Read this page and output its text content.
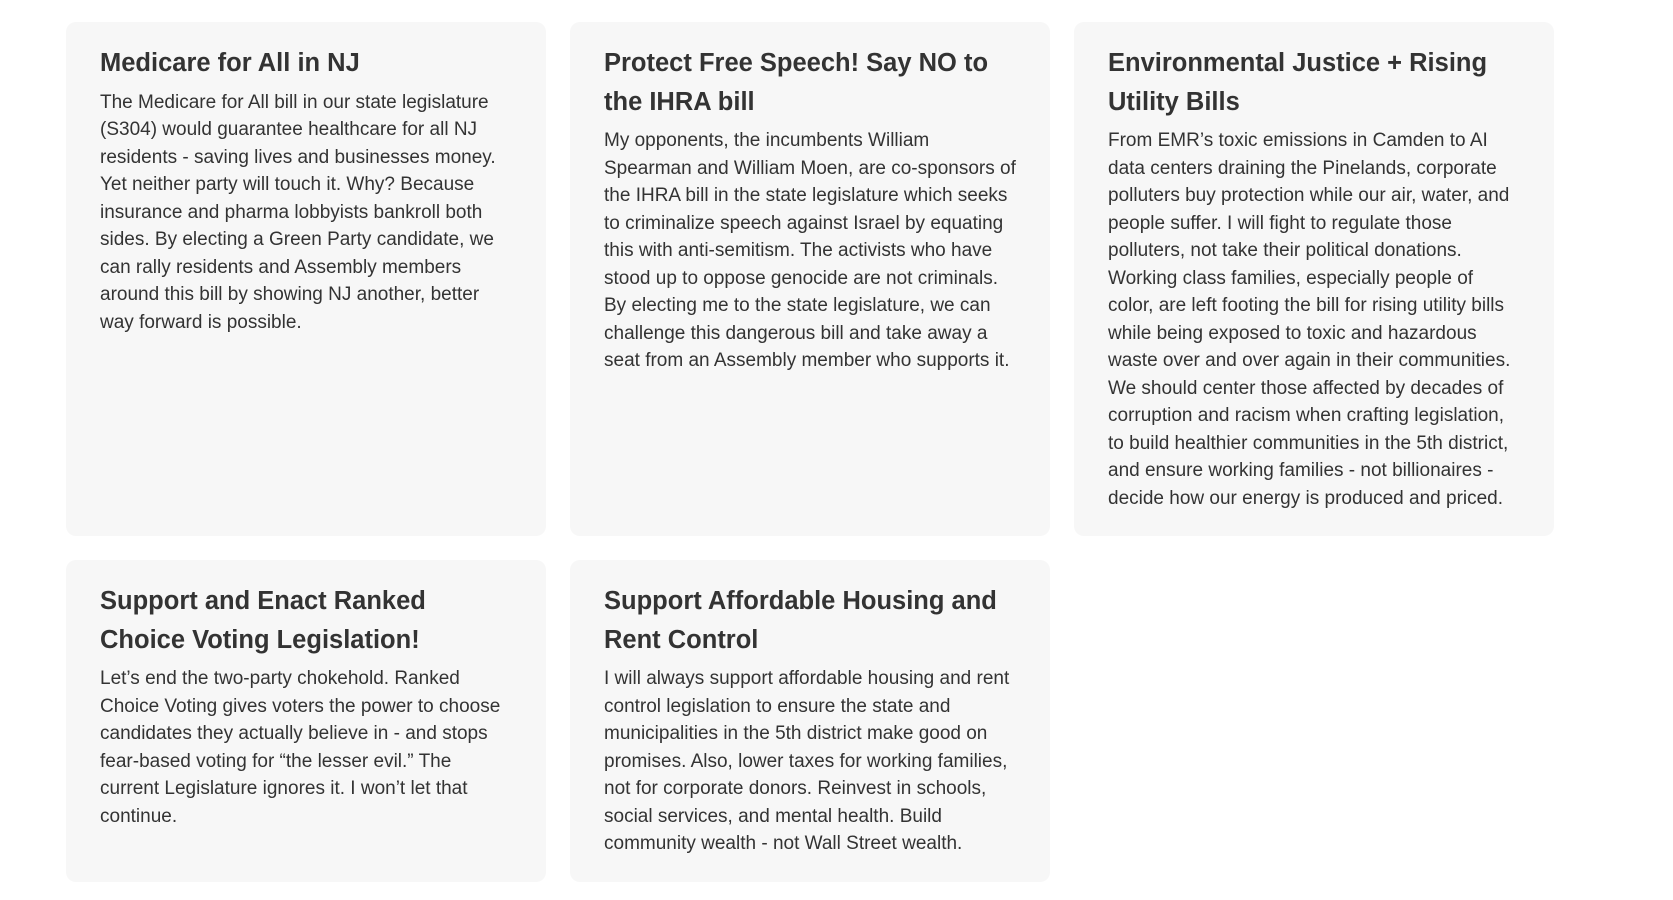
Medicare for All in NJ

The Medicare for All bill in our state legislature (S304) would guarantee healthcare for all NJ residents - saving lives and businesses money. Yet neither party will touch it. Why? Because insurance and pharma lobbyists bankroll both sides. By electing a Green Party candidate, we can rally residents and Assembly members around this bill by showing NJ another, better way forward is possible.

Protect Free Speech! Say NO to the IHRA bill

My opponents, the incumbents William Spearman and William Moen, are co-sponsors of the IHRA bill in the state legislature which seeks to criminalize speech against Israel by equating this with anti-semitism. The activists who have stood up to oppose genocide are not criminals. By electing me to the state legislature, we can challenge this dangerous bill and take away a seat from an Assembly member who supports it.

Environmental Justice + Rising Utility Bills

From EMR’s toxic emissions in Camden to AI data centers draining the Pinelands, corporate polluters buy protection while our air, water, and people suffer. I will fight to regulate those polluters, not take their political donations. Working class families, especially people of color, are left footing the bill for rising utility bills while being exposed to toxic and hazardous waste over and over again in their communities. We should center those affected by decades of corruption and racism when crafting legislation, to build healthier communities in the 5th district, and ensure working families - not billionaires - decide how our energy is produced and priced.

Support and Enact Ranked Choice Voting Legislation!

Let’s end the two-party chokehold. Ranked Choice Voting gives voters the power to choose candidates they actually believe in - and stops fear-based voting for “the lesser evil.” The current Legislature ignores it. I won’t let that continue.

Support Affordable Housing and Rent Control

I will always support affordable housing and rent control legislation to ensure the state and municipalities in the 5th district make good on promises. Also, lower taxes for working families, not for corporate donors. Reinvest in schools, social services, and mental health. Build community wealth - not Wall Street wealth.
